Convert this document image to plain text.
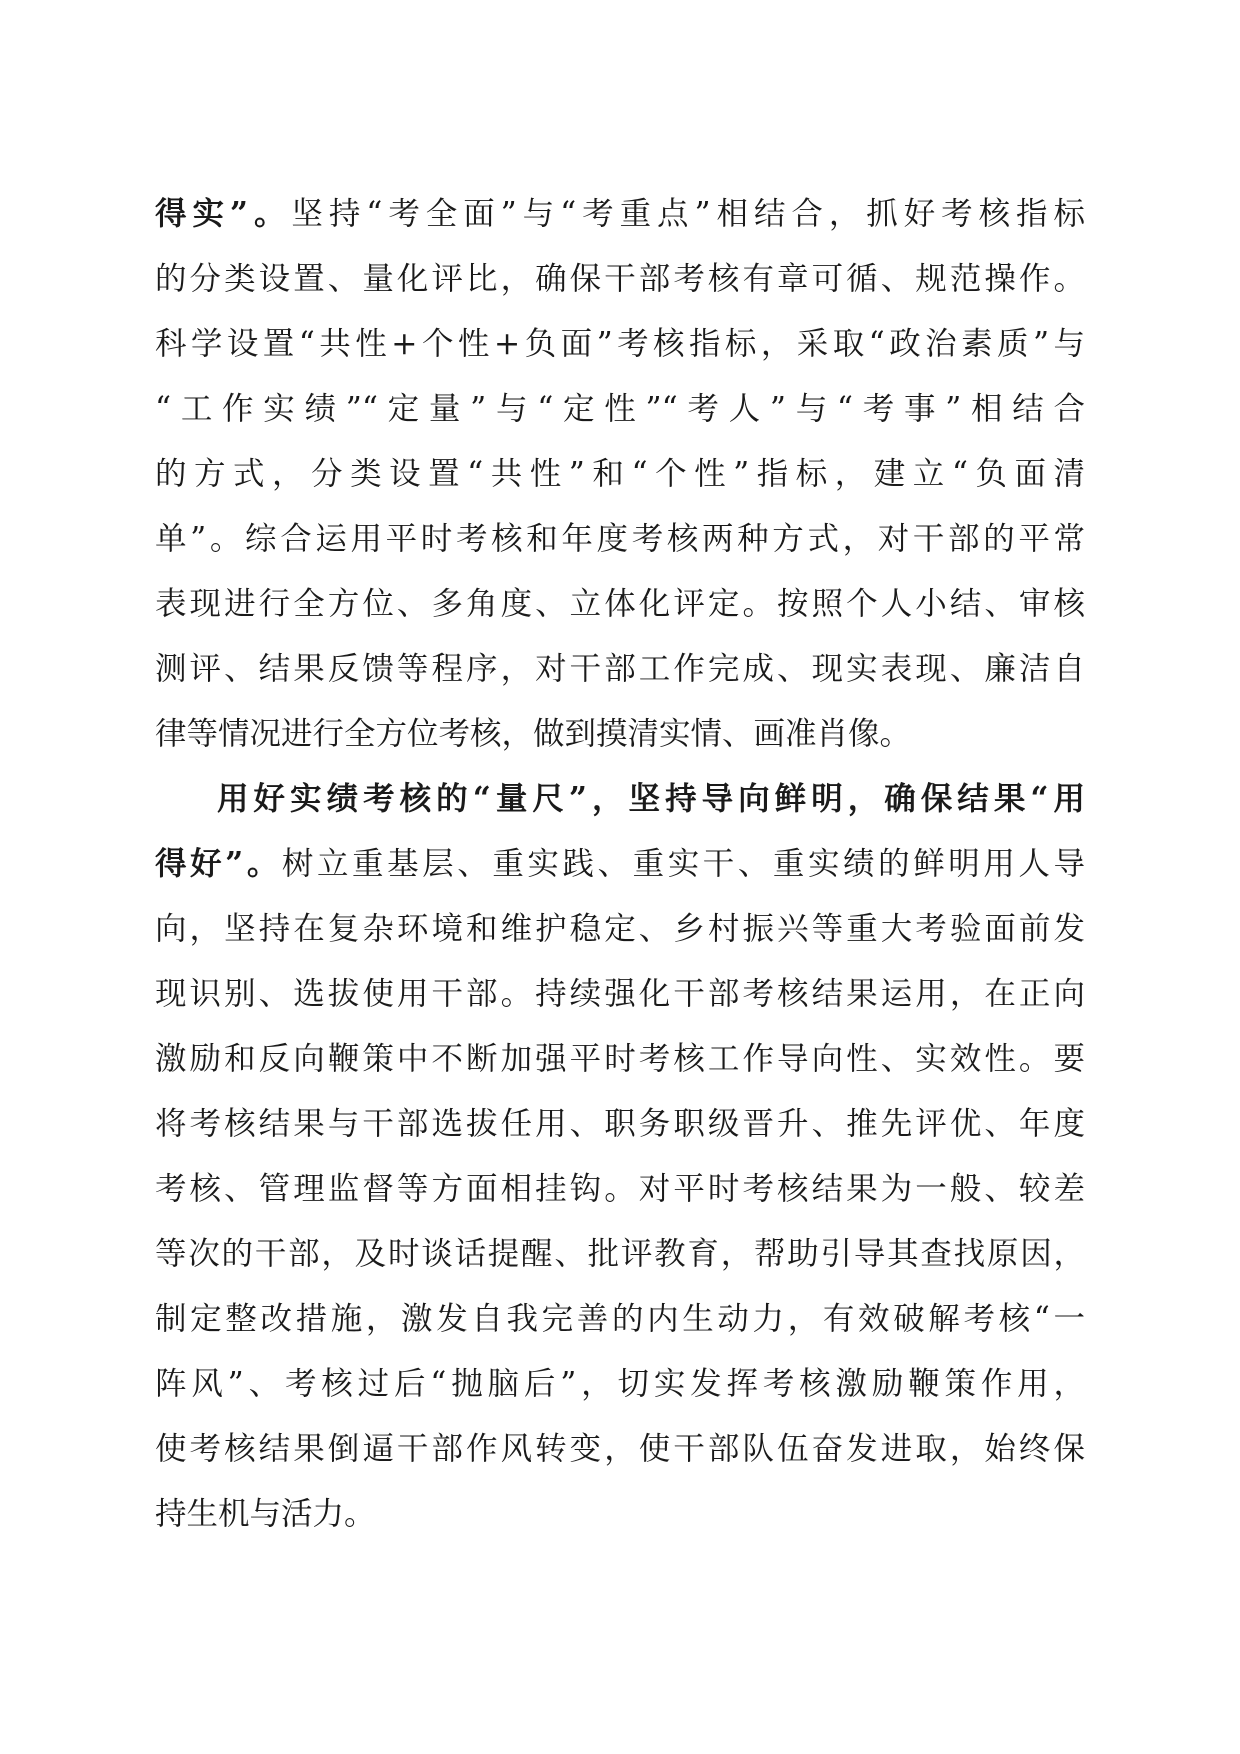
得实”。坚持“考全面”与“考重点”相结合，抓好考核指标
的分类设置、量化评比，确保干部考核有章可循、规范操作。
科学设置“共性+个性+负面”考核指标，采取“政治素质”与
“工作实绩”“定量”与“定性”“考人”与“考事”相结合
的方式，分类设置“共性”和“个性”指标，建立“负面清
单”。综合运用平时考核和年度考核两种方式，对干部的平常
表现进行全方位、多角度、立体化评定。按照个人小结、审核
测评、结果反馈等程序，对干部工作完成、现实表现、廉洁自
律等情况进行全方位考核，做到摸清实情、画准肖像。
用好实绩考核的“量尺”，坚持导向鲜明，确保结果“用
得好”。树立重基层、重实践、重实干、重实绩的鲜明用人导
向，坚持在复杂环境和维护稳定、乡村振兴等重大考验面前发
现识别、选拔使用干部。持续强化干部考核结果运用，在正向
激励和反向鞭策中不断加强平时考核工作导向性、实效性。要
将考核结果与干部选拔任用、职务职级晋升、推先评优、年度
考核、管理监督等方面相挂钩。对平时考核结果为一般、较差
等次的干部，及时谈话提醒、批评教育，帮助引导其查找原因，
制定整改措施，激发自我完善的内生动力，有效破解考核“一
阵风”、考核过后“抛脑后”，切实发挥考核激励鞭策作用，
使考核结果倒逼干部作风转变，使干部队伍奋发进取，始终保
持生机与活力。
